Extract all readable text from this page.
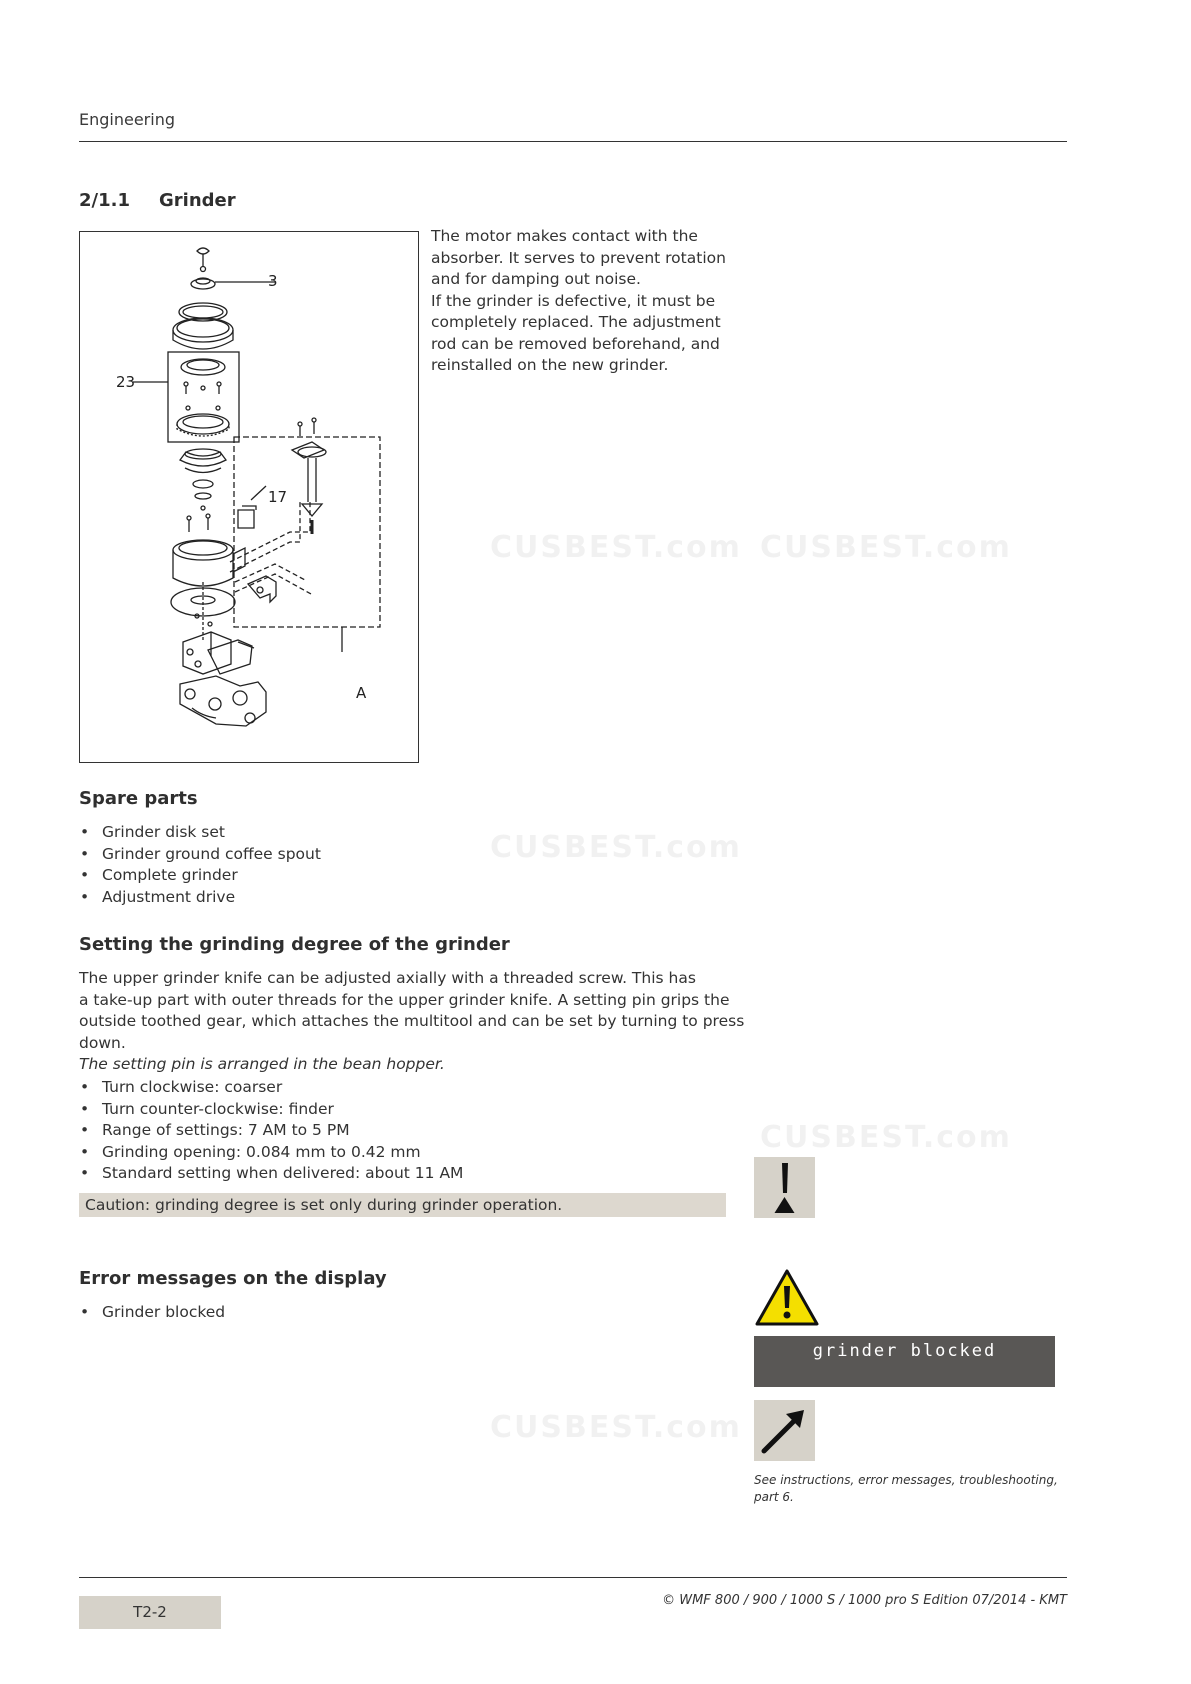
CUSBEST.com CUSBEST.com
CUSBEST.com
CUSBEST.com
CUSBEST.com
Engineering
2/1.1 Grinder
3
23
17
A
The motor makes contact with the
absorber. It serves to prevent rotation
and for damping out noise.
If the grinder is defective, it must be
completely replaced. The adjustment
rod can be removed beforehand, and
reinstalled on the new grinder.
Spare parts
• Grinder disk set
• Grinder ground coffee spout
• Complete grinder
• Adjustment drive
Setting the grinding degree of the grinder
The upper grinder knife can be adjusted axially with a threaded screw. This has
a take-up part with outer threads for the upper grinder knife. A setting pin grips the
outside toothed gear, which attaches the multitool and can be set by turning to press
down.
The setting pin is arranged in the bean hopper.
• Turn clockwise: coarser
• Turn counter-clockwise: finder
• Range of settings: 7 AM to 5 PM
• Grinding opening: 0.084 mm to 0.42 mm
• Standard setting when delivered: about 11 AM
Caution: grinding degree is set only during grinder operation.
Error messages on the display
• Grinder blocked
grinder blocked
See instructions, error messages, troubleshooting,
part 6.
T2-2
© WMF 800 / 900 / 1000 S / 1000 pro S Edition 07/2014 - KMT
